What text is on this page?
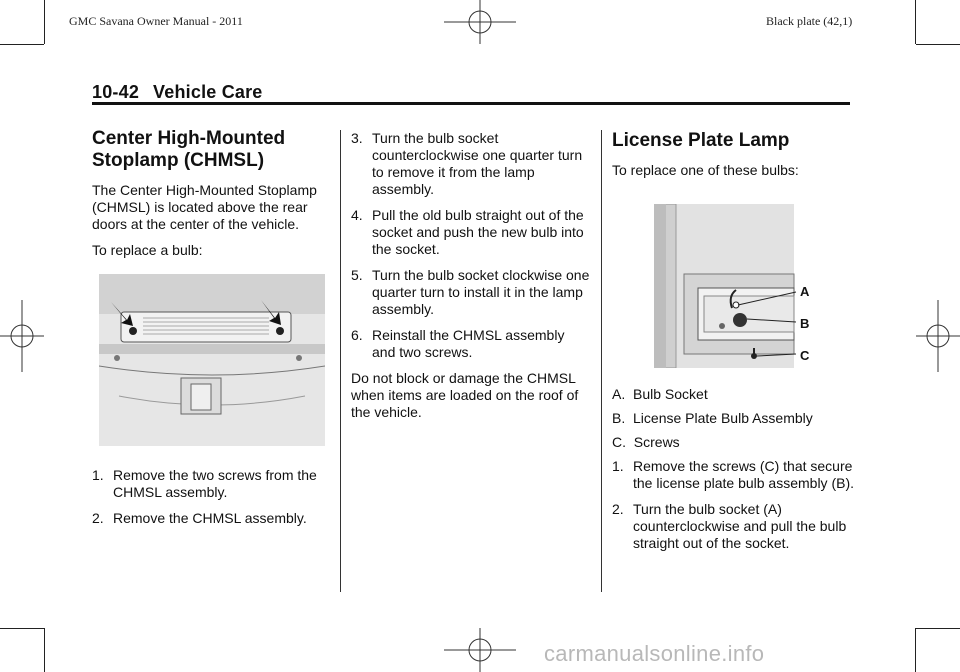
GMC Savana Owner Manual - 2011	Black plate (42,1)
10-42 Vehicle Care
Center High-Mounted
Stoplamp (CHMSL)

The Center High-Mounted Stoplamp (CHMSL) is located above the rear doors at the center of the vehicle.

To replace a bulb:

1. Remove the two screws from the CHMSL assembly.
2. Remove the CHMSL assembly.
3. Turn the bulb socket counterclockwise one quarter turn to remove it from the lamp assembly.
4. Pull the old bulb straight out of the socket and push the new bulb into the socket.
5. Turn the bulb socket clockwise one quarter turn to install it in the lamp assembly.
6. Reinstall the CHMSL assembly and two screws.

Do not block or damage the CHMSL when items are loaded on the roof of the vehicle.

License Plate Lamp

To replace one of these bulbs:

A
B
C
A. Bulb Socket
B. License Plate Bulb Assembly
C. Screws
1. Remove the screws (C) that secure the license plate bulb assembly (B).
2. Turn the bulb socket (A) counterclockwise and pull the bulb straight out of the socket.
carmanualsonline.info
